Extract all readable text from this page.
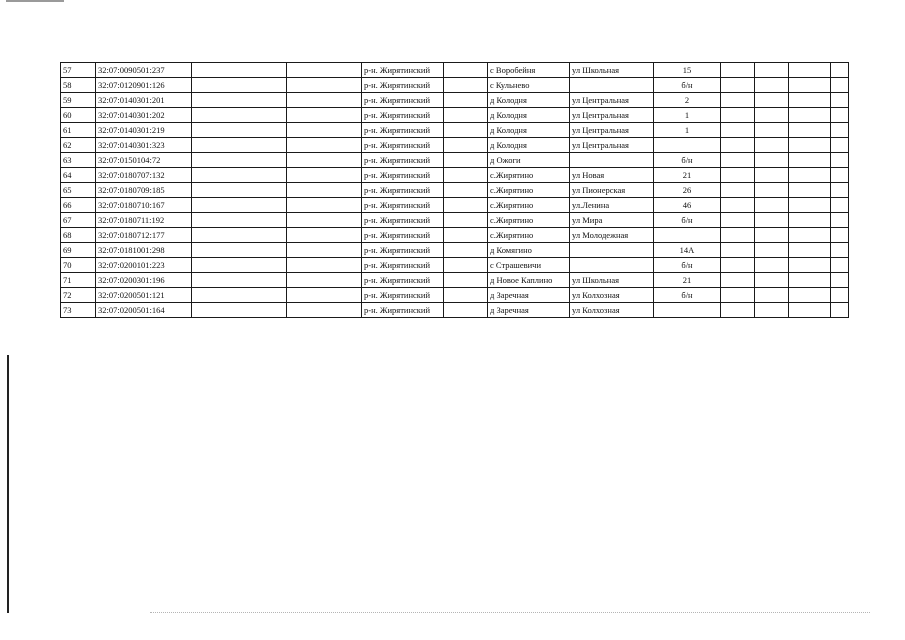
57	32:07:0090501:237			р-н. Жирятинский		с Воробейня	ул Школьная	15				
58	32:07:0120901:126			р-н. Жирятинский		с Кульнево		б/н				
59	32:07:0140301:201			р-н. Жирятинский		д Колодня	ул Центральная	2				
60	32:07:0140301:202			р-н. Жирятинский		д Колодня	ул Центральная	1				
61	32:07:0140301:219			р-н. Жирятинский		д Колодня	ул Центральная	1				
62	32:07:0140301:323			р-н. Жирятинский		д Колодня	ул Центральная					
63	32:07:0150104:72			р-н. Жирятинский		д Ожоги		б/н				
64	32:07:0180707:132			р-н. Жирятинский		с.Жирятино	ул Новая	21				
65	32:07:0180709:185			р-н. Жирятинский		с.Жирятино	ул Пионерская	26				
66	32:07:0180710:167			р-н. Жирятинский		с.Жирятино	ул.Ленина	46				
67	32:07:0180711:192			р-н. Жирятинский		с.Жирятино	ул Мира	б/н				
68	32:07:0180712:177			р-н. Жирятинский		с.Жирятино	ул Молодежная					
69	32:07:0181001:298			р-н. Жирятинский		д Комягино		14А				
70	32:07:0200101:223			р-н. Жирятинский		с Страшевичи		б/н				
71	32:07:0200301:196			р-н. Жирятинский		д Новое Каплино	ул Школьная	21				
72	32:07:0200501:121			р-н. Жирятинский		д Заречная	ул Колхозная	б/н				
73	32:07:0200501:164			р-н. Жирятинский		д Заречная	ул Колхозная					
